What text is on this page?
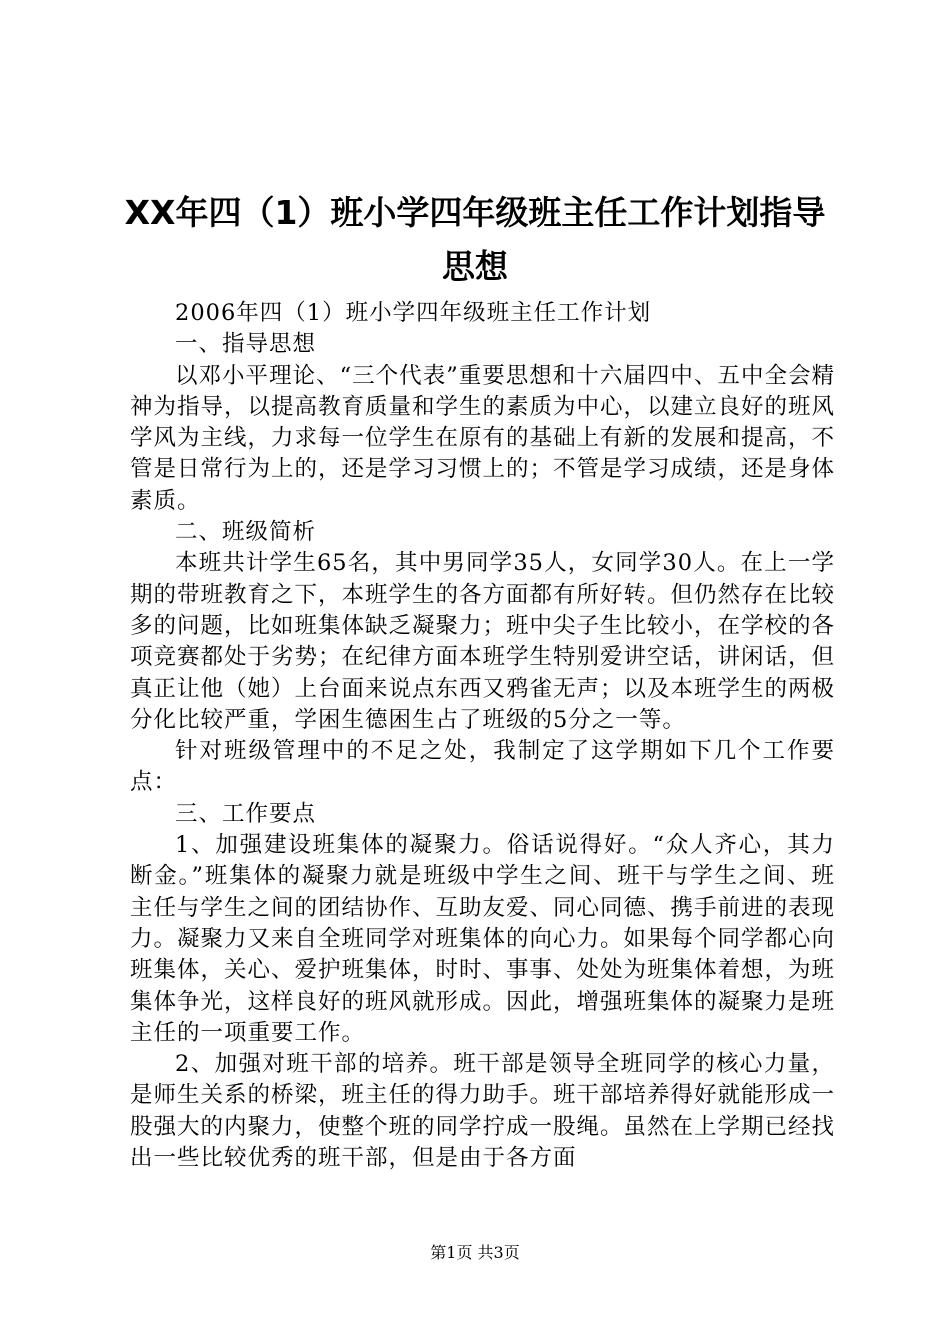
XX年四（1）班小学四年级班主任工作计划指导思想

2006年四（1）班小学四年级班主任工作计划

一、指导思想

以邓小平理论、“三个代表”重要思想和十六届四中、五中全会精神为指导，以提高教育质量和学生的素质为中心，以建立良好的班风学风为主线，力求每一位学生在原有的基础上有新的发展和提高，不管是日常行为上的，还是学习习惯上的；不管是学习成绩，还是身体素质。

二、班级简析

本班共计学生65名，其中男同学35人，女同学30人。在上一学期的带班教育之下，本班学生的各方面都有所好转。但仍然存在比较多的问题，比如班集体缺乏凝聚力；班中尖子生比较小，在学校的各项竞赛都处于劣势；在纪律方面本班学生特别爱讲空话，讲闲话，但真正让他（她）上台面来说点东西又鸦雀无声；以及本班学生的两极分化比较严重，学困生德困生占了班级的5分之一等。

针对班级管理中的不足之处，我制定了这学期如下几个工作要点：

三、工作要点

1、加强建设班集体的凝聚力。俗话说得好。“众人齐心，其力断金。”班集体的凝聚力就是班级中学生之间、班干与学生之间、班主任与学生之间的团结协作、互助友爱、同心同德、携手前进的表现力。凝聚力又来自全班同学对班集体的向心力。如果每个同学都心向班集体，关心、爱护班集体，时时、事事、处处为班集体着想，为班集体争光，这样良好的班风就形成。因此，增强班集体的凝聚力是班主任的一项重要工作。

2、加强对班干部的培养。班干部是领导全班同学的核心力量，是师生关系的桥梁，班主任的得力助手。班干部培养得好就能形成一股强大的内聚力，使整个班的同学拧成一股绳。虽然在上学期已经找出一些比较优秀的班干部，但是由于各方面

第1页 共3页
